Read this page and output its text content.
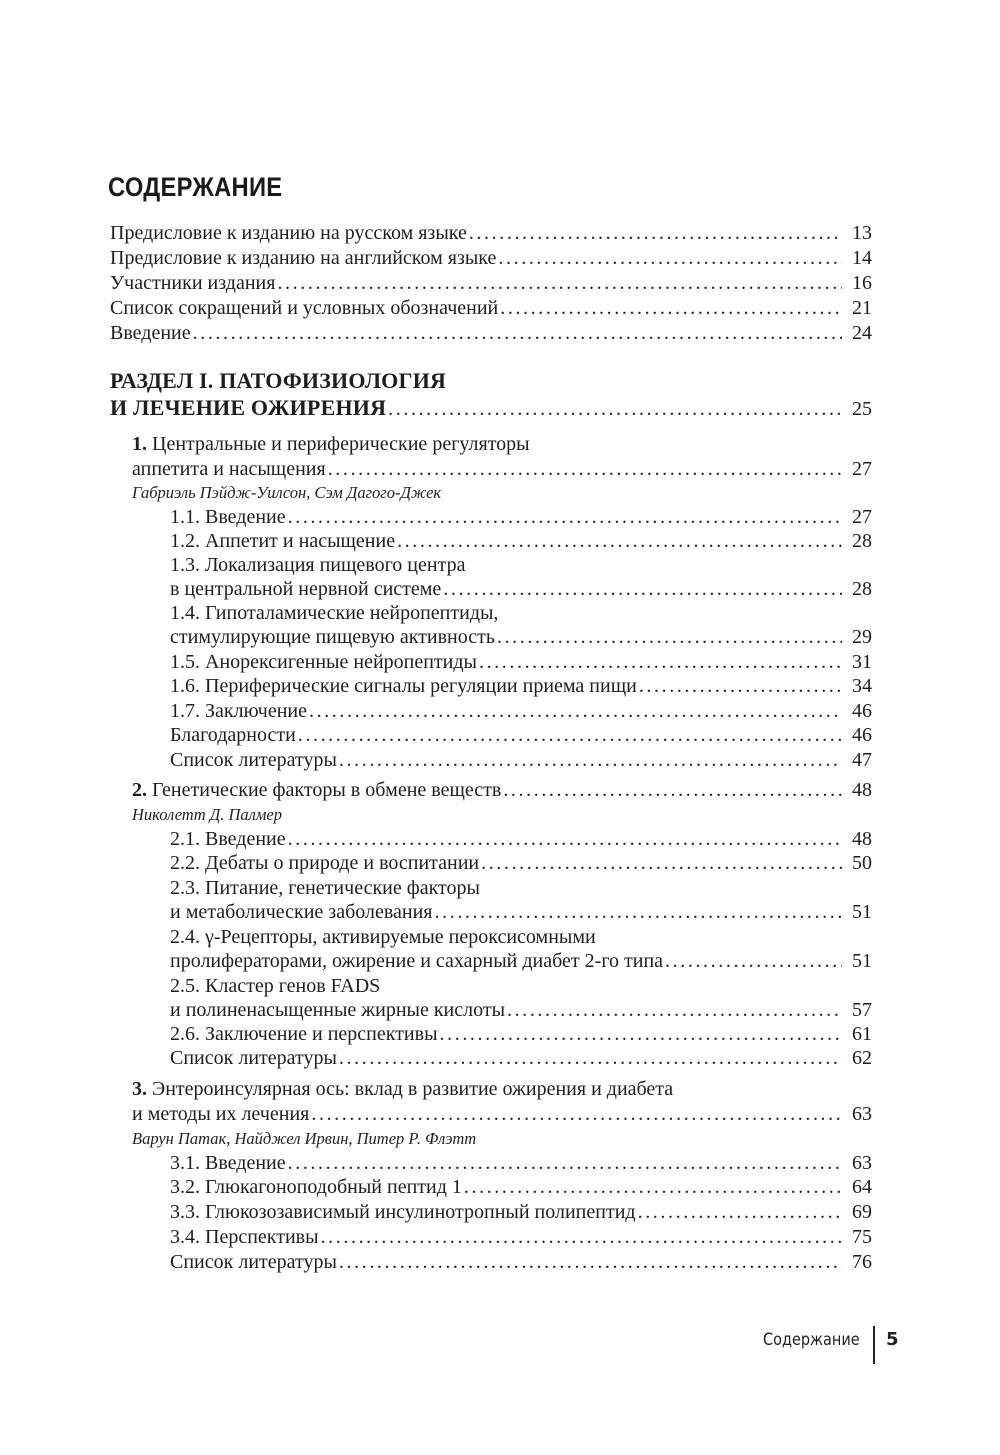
СОДЕРЖАНИЕ
Предисловие к изданию на русском языке . . .	13
Предисловие к изданию на английском языке . . .	14
Участники издания . . .	16
Список сокращений и условных обозначений . . .	21
Введение . . .	24
РАЗДЕЛ I. ПАТОФИЗИОЛОГИЯ
И ЛЕЧЕНИЕ ОЖИРЕНИЯ . . .	25
1. Центральные и периферические регуляторы
аппетита и насыщения . . .	27
Габриэль Пэйдж-Уилсон, Сэм Дагого-Джек
1.1. Введение . . .	27
1.2. Аппетит и насыщение . . .	28
1.3. Локализация пищевого центра
в центральной нервной системе . . .	28
1.4. Гипоталамические нейропептиды,
стимулирующие пищевую активность . . .	29
1.5. Анорексигенные нейропептиды . . .	31
1.6. Периферические сигналы регуляции приема пищи . . .	34
1.7. Заключение . . .	46
Благодарности . . .	46
Список литературы . . .	47
2. Генетические факторы в обмене веществ . . .	48
Николетт Д. Палмер
2.1. Введение . . .	48
2.2. Дебаты о природе и воспитании . . .	50
2.3. Питание, генетические факторы
и метаболические заболевания . . .	51
2.4. γ-Рецепторы, активируемые пероксисомными
пролифераторами, ожирение и сахарный диабет 2-го типа . . .	51
2.5. Кластер генов FADS
и полиненасыщенные жирные кислоты . . .	57
2.6. Заключение и перспективы . . .	61
Список литературы . . .	62
3. Энтероинсулярная ось: вклад в развитие ожирения и диабета
и методы их лечения . . .	63
Варун Патак, Найджел Ирвин, Питер Р. Флэтт
3.1. Введение . . .	63
3.2. Глюкагоноподобный пептид 1 . . .	64
3.3. Глюкозозависимый инсулинотропный полипептид . . .	69
3.4. Перспективы . . .	75
Список литературы . . .	76
Содержание 5
